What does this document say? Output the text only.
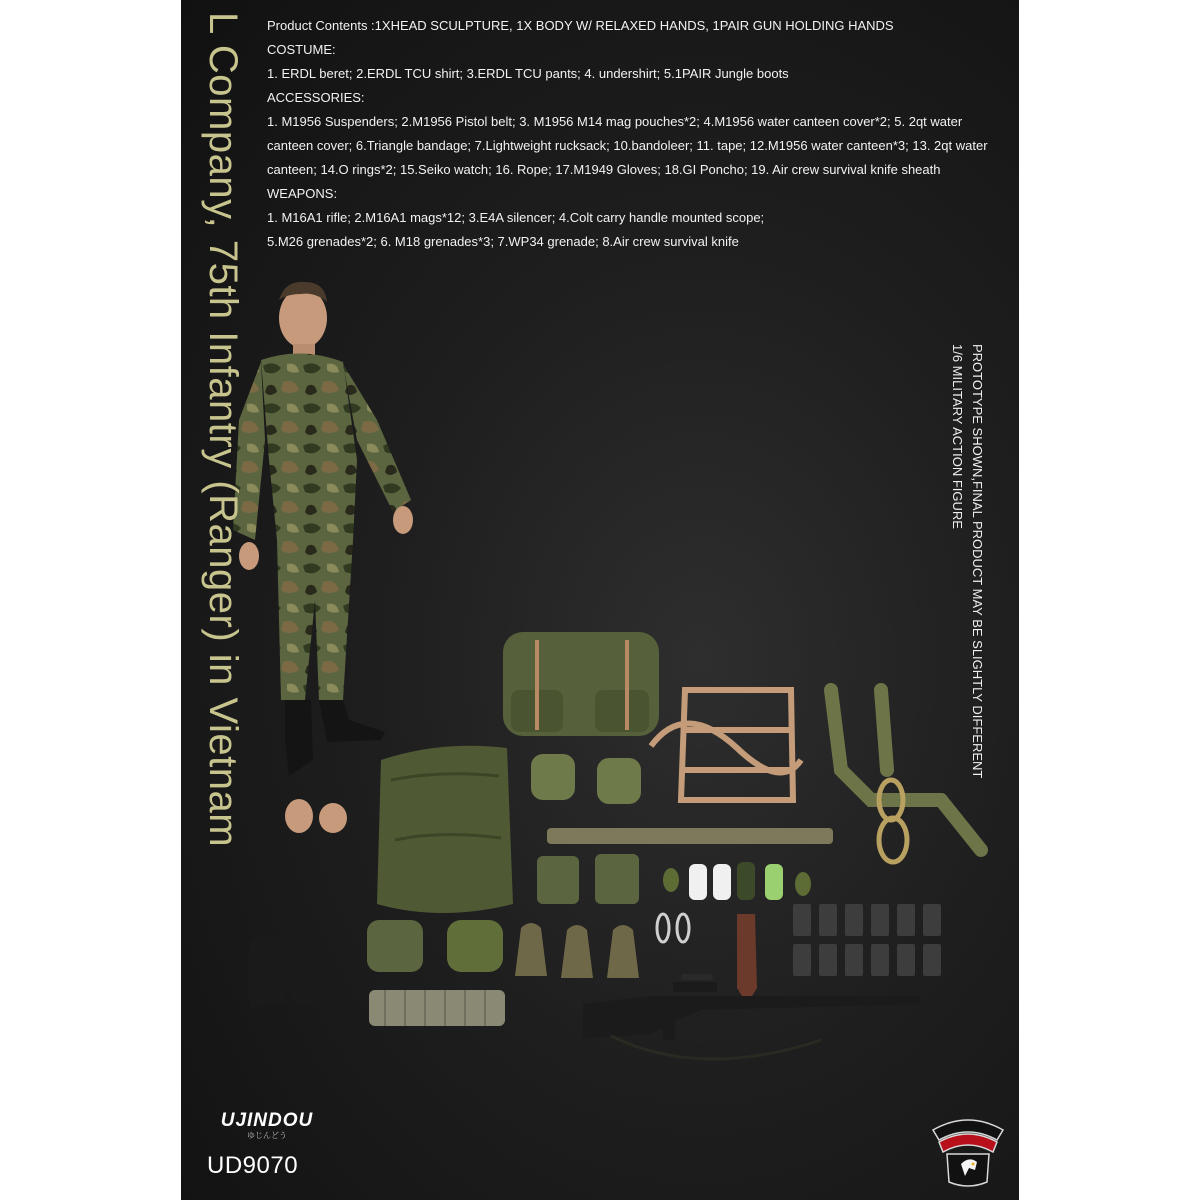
Product Contents :1XHEAD SCULPTURE, 1X BODY W/ RELAXED HANDS, 1PAIR GUN HOLDING HANDS

COSTUME:

1. ERDL beret; 2.ERDL TCU shirt; 3.ERDL TCU pants; 4. undershirt; 5.1PAIR Jungle boots

ACCESSORIES:

1. M1956 Suspenders; 2.M1956 Pistol belt; 3. M1956 M14 mag pouches*2; 4.M1956 water canteen cover*2; 5. 2qt water canteen cover; 6.Triangle bandage; 7.Lightweight rucksack; 10.bandoleer; 11. tape; 12.M1956 water canteen*3; 13. 2qt water canteen; 14.O rings*2; 15.Seiko watch; 16. Rope; 17.M1949 Gloves; 18.GI Poncho; 19. Air crew survival knife sheath

WEAPONS:

1. M16A1 rifle; 2.M16A1 mags*12; 3.E4A silencer; 4.Colt carry handle mounted scope;

5.M26 grenades*2; 6. M18 grenades*3; 7.WP34 grenade; 8.Air crew survival knife

L Company, 75th Infantry (Ranger) in Vietnam	PROTOTYPE SHOWN,FINAL PRODUCT MAY BE SLIGHTLY DIFFERENT
1/6 MILITARY ACTION FIGURE
UJINDOU
ゆじんどう
UD9070
